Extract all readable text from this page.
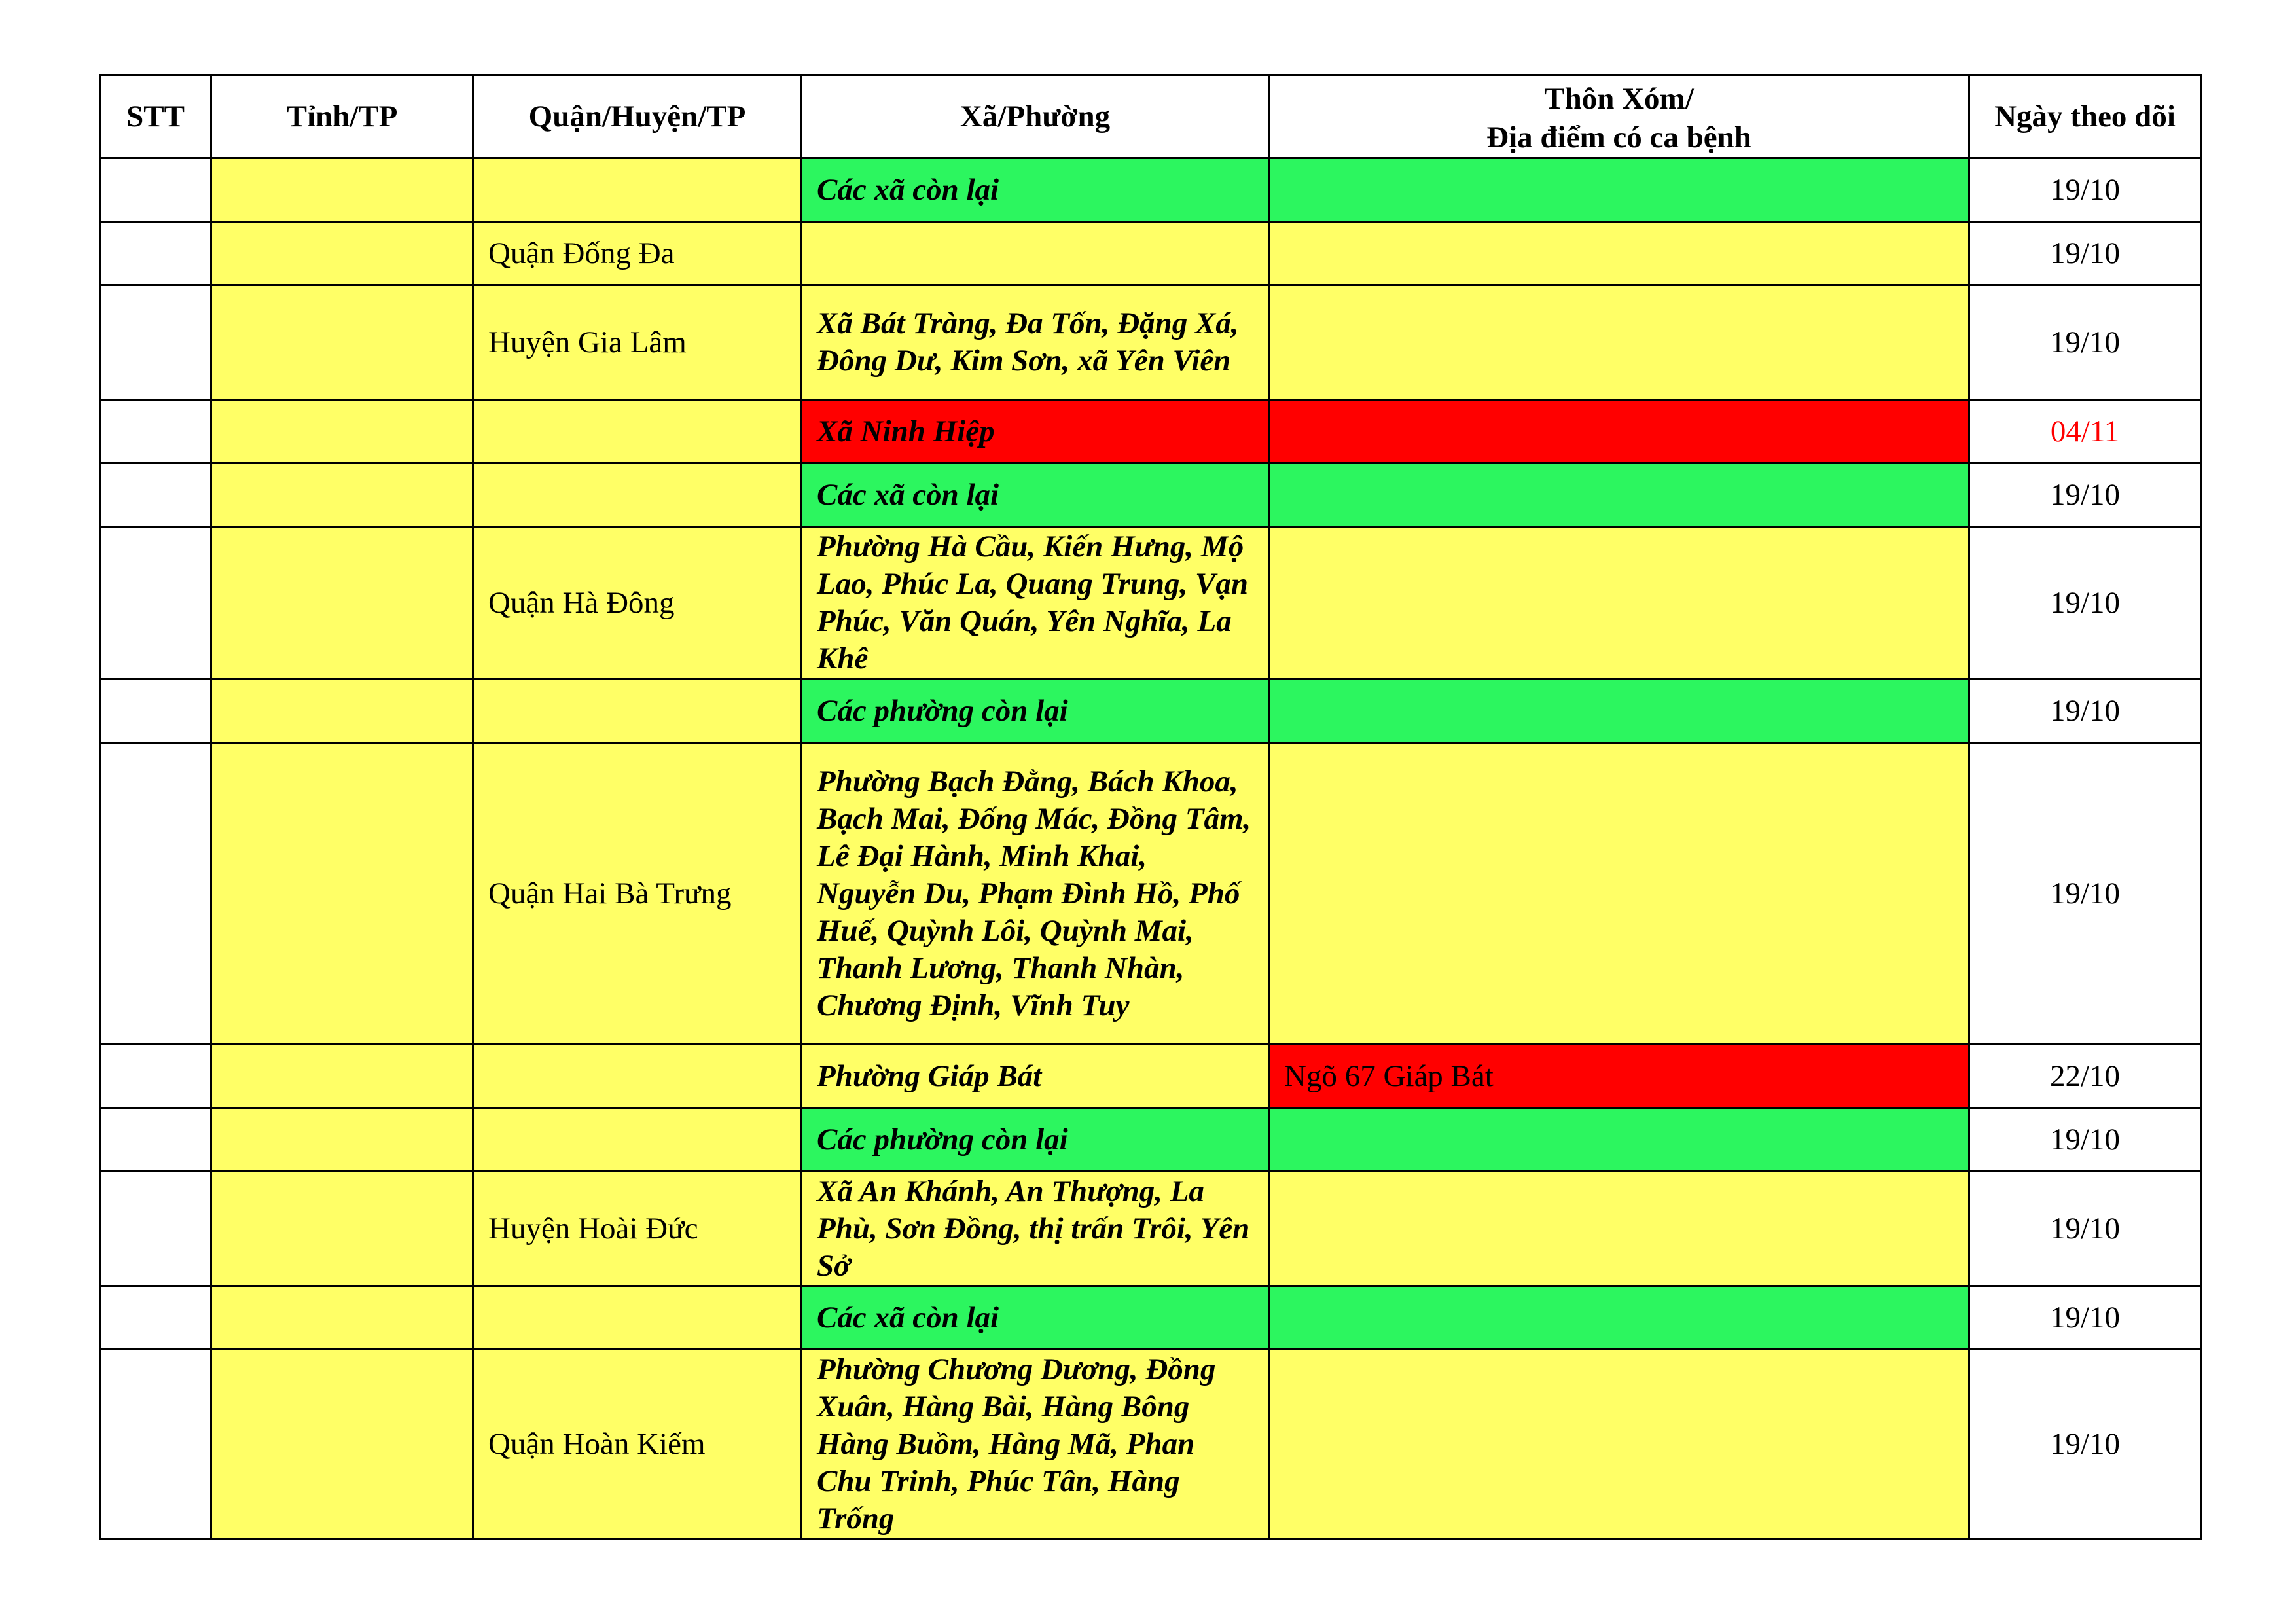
STT	Tỉnh/TP	Quận/Huyện/TP	Xã/Phường	Thôn Xóm/
Địa điểm có ca bệnh	Ngày theo dõi
			Các xã còn lại		19/10
		Quận Đống Đa			19/10
		Huyện Gia Lâm	Xã Bát Tràng, Đa Tốn, Đặng Xá, Đông Dư, Kim Sơn, xã Yên Viên		19/10
			Xã Ninh Hiệp		04/11
			Các xã còn lại		19/10
		Quận Hà Đông	Phường Hà Cầu, Kiến Hưng, Mộ Lao, Phúc La, Quang Trung, Vạn Phúc, Văn Quán, Yên Nghĩa, La Khê		19/10
			Các phường còn lại		19/10
		Quận Hai Bà Trưng	Phường Bạch Đằng, Bách Khoa, Bạch Mai, Đống Mác, Đồng Tâm, Lê Đại Hành, Minh Khai, Nguyễn Du, Phạm Đình Hồ, Phố Huế, Quỳnh Lôi, Quỳnh Mai, Thanh Lương, Thanh Nhàn, Chương Định, Vĩnh Tuy		19/10
			Phường Giáp Bát	Ngõ 67 Giáp Bát	22/10
			Các phường còn lại		19/10
		Huyện Hoài Đức	Xã An Khánh, An Thượng, La Phù, Sơn Đồng, thị trấn Trôi, Yên Sở		19/10
			Các xã còn lại		19/10
		Quận Hoàn Kiếm	Phường Chương Dương, Đồng Xuân, Hàng Bài, Hàng Bông Hàng Buồm, Hàng Mã, Phan Chu Trinh, Phúc Tân, Hàng Trống		19/10
